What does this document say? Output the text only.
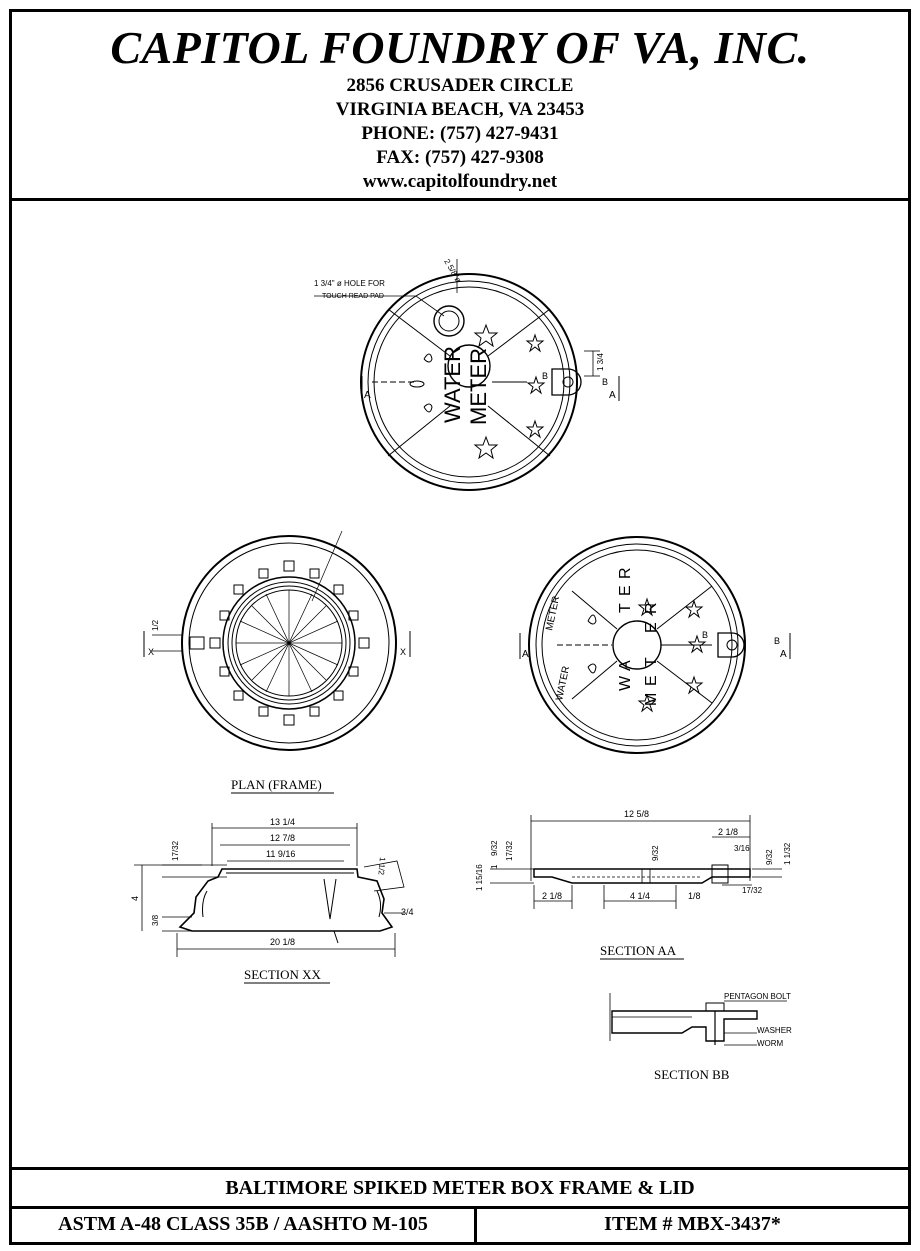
CAPITOL FOUNDRY OF VA, INC.
2856 CRUSADER CIRCLE
VIRGINIA BEACH, VA 23453
PHONE: (757) 427-9431
FAX: (757) 427-9308
www.capitolfoundry.net
WATER METER
1 3/4" ø HOLE FOR
TOUCH READ PAD
2 5/8"ø
1 3/4
A	A
B
B
1/2
X	X
PLAN (FRAME)
METER
WATER	W
A
T
E
R
M
E
T
E
R
A	A
B
B
13 1/4
12 7/8
11 9/16
17/32
4
3/8
3/4
1 1/2
20 1/8
SECTION XX
12 5/8
2 1/8
3/16
1 15/16 1
9/32 17/32	9/32	9/32 1 1/32
2 1/8	4 1/4	1/8
17/32
SECTION AA
PENTAGON BOLT
WASHER
WORM
SECTION BB
BALTIMORE SPIKED METER BOX FRAME & LID
ASTM A-48 CLASS 35B / AASHTO M-105	ITEM # MBX-3437*
